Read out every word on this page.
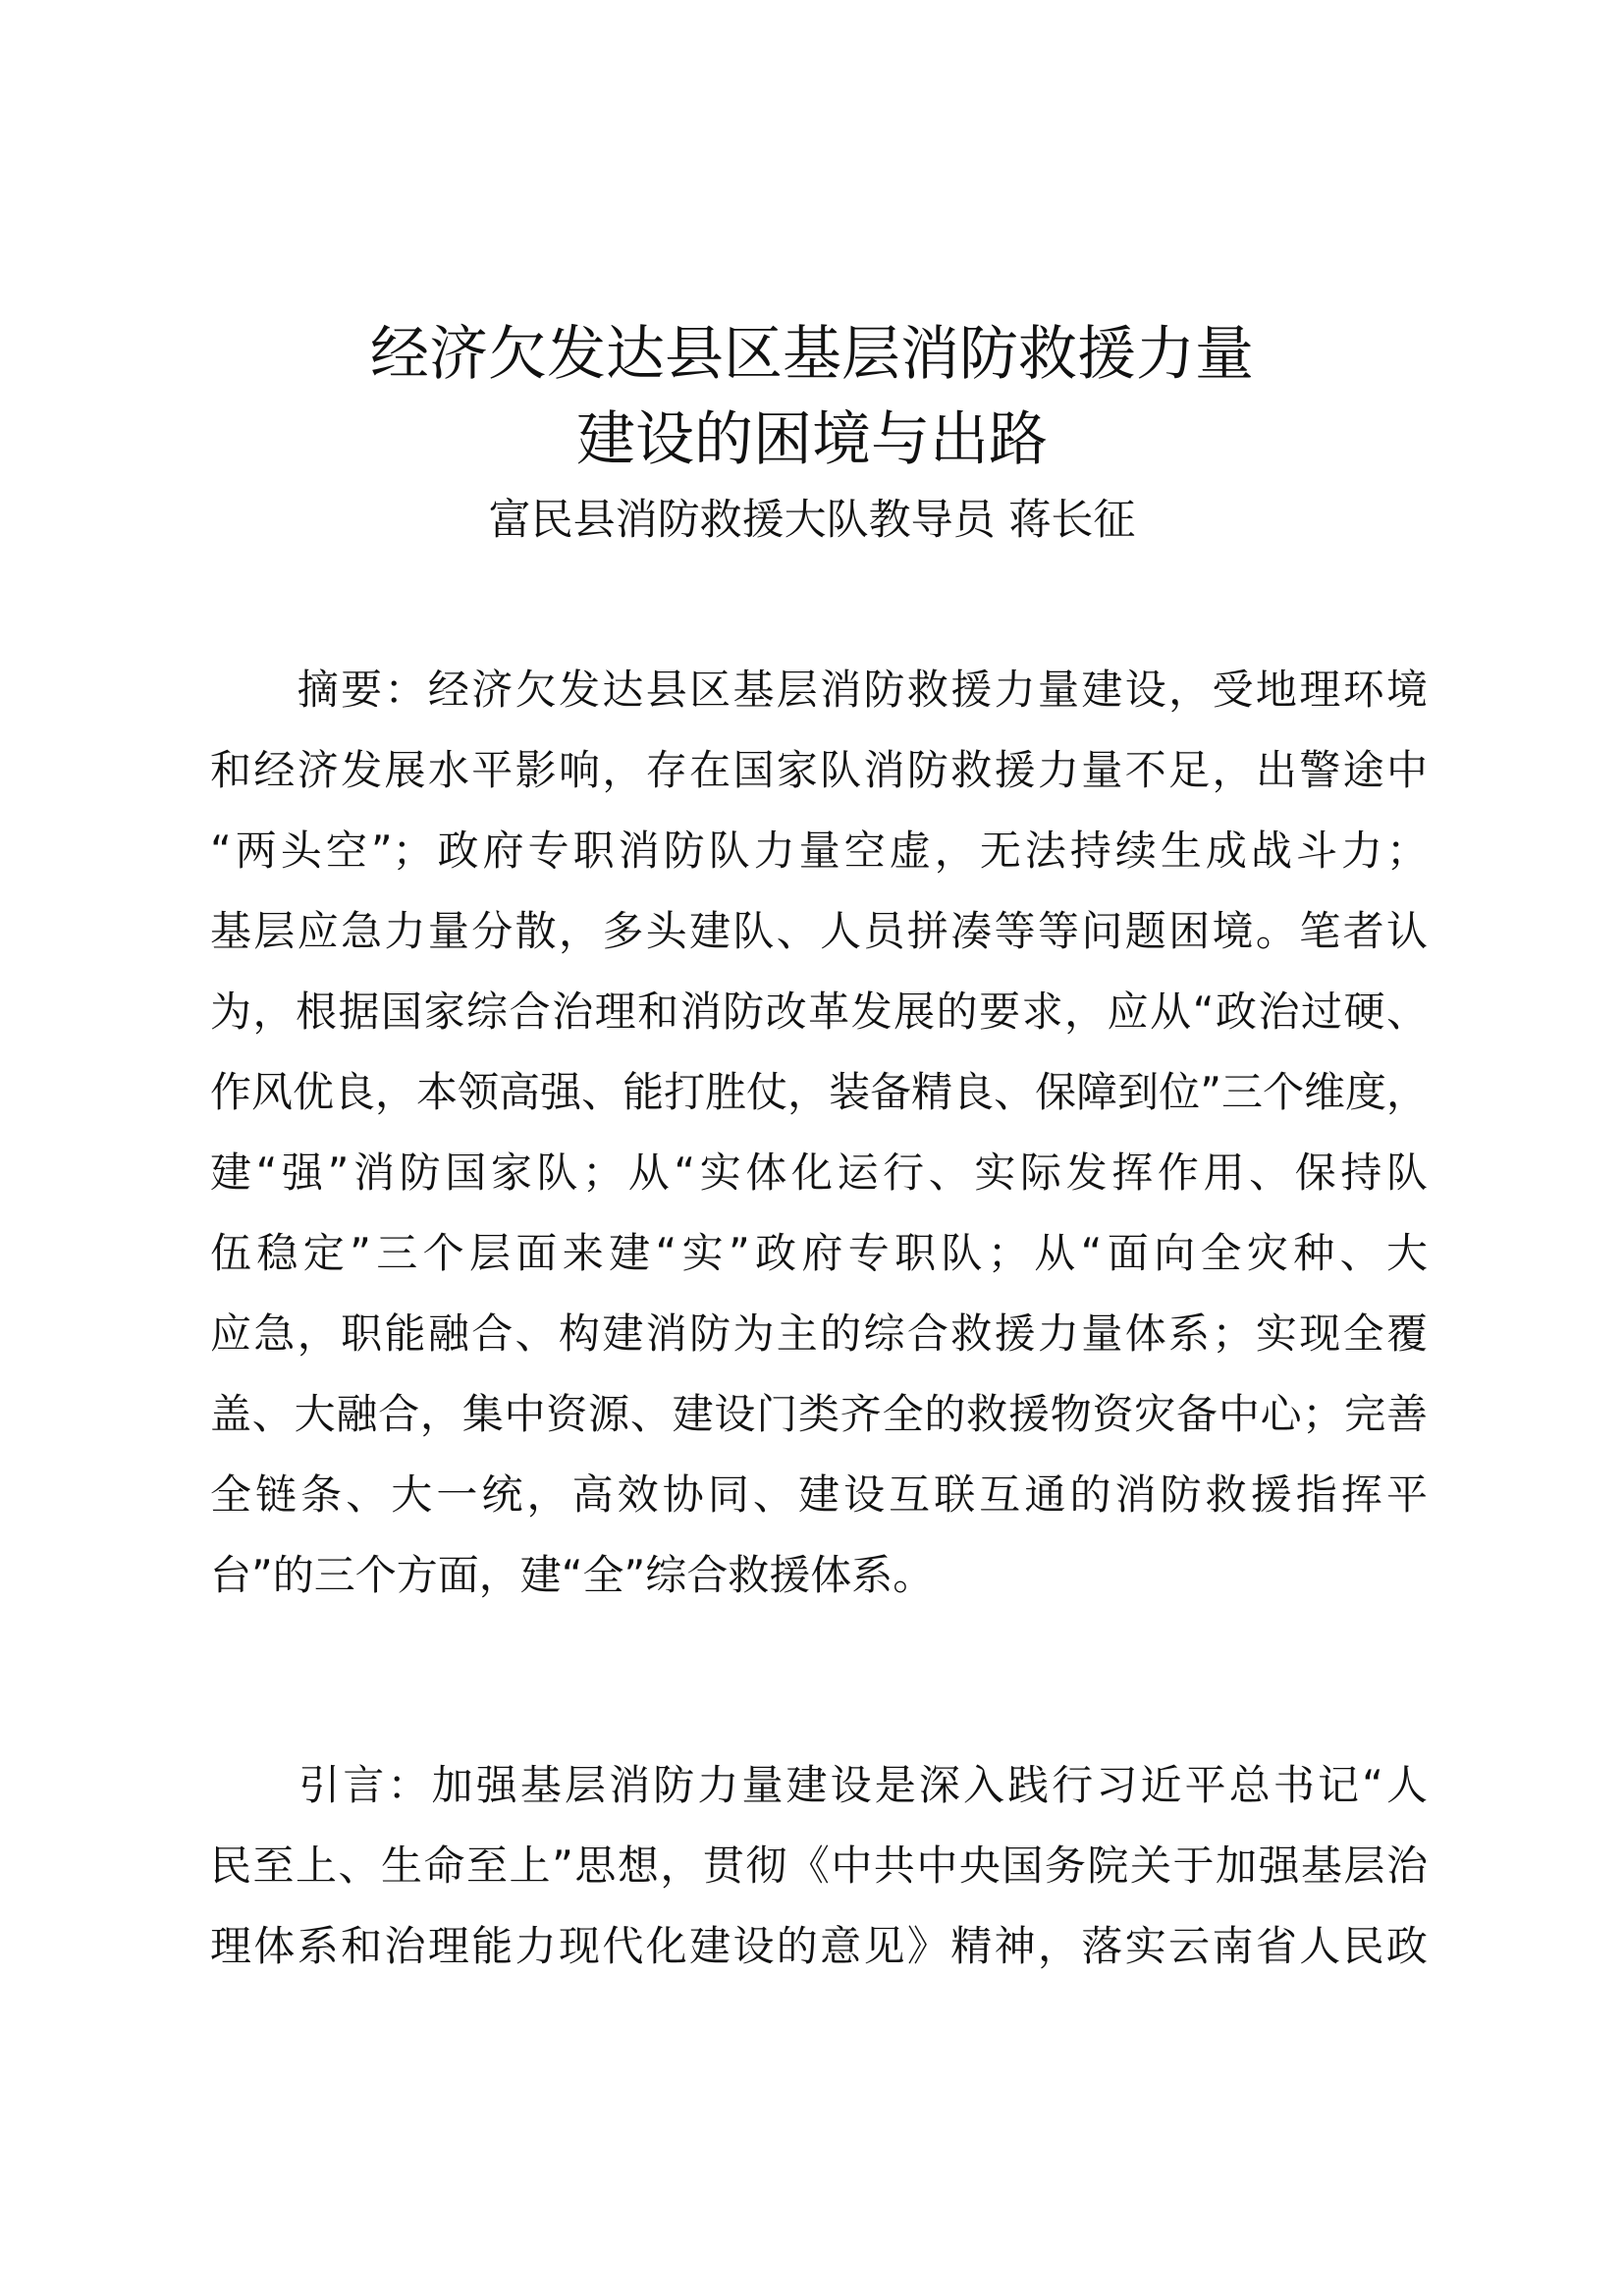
经济欠发达县区基层消防救援力量
建设的困境与出路
富民县消防救援大队教导员 蒋长征
　　摘要：经济欠发达县区基层消防救援力量建设，受地理环境
和经济发展水平影响，存在国家队消防救援力量不足，出警途中
“两头空”；政府专职消防队力量空虚，无法持续生成战斗力；
基层应急力量分散，多头建队、人员拼凑等等问题困境。笔者认
为，根据国家综合治理和消防改革发展的要求，应从“政治过硬、
作风优良，本领高强、能打胜仗，装备精良、保障到位”三个维度，
建“强”消防国家队；从“实体化运行、实际发挥作用、保持队
伍稳定”三个层面来建“实”政府专职队；从“面向全灾种、大
应急，职能融合、构建消防为主的综合救援力量体系；实现全覆
盖、大融合，集中资源、建设门类齐全的救援物资灾备中心；完善
全链条、大一统，高效协同、建设互联互通的消防救援指挥平
台”的三个方面，建“全”综合救援体系。
　　引言：加强基层消防力量建设是深入践行习近平总书记“人
民至上、生命至上”思想，贯彻《中共中央国务院关于加强基层治
理体系和治理能力现代化建设的意见》精神，落实云南省人民政
